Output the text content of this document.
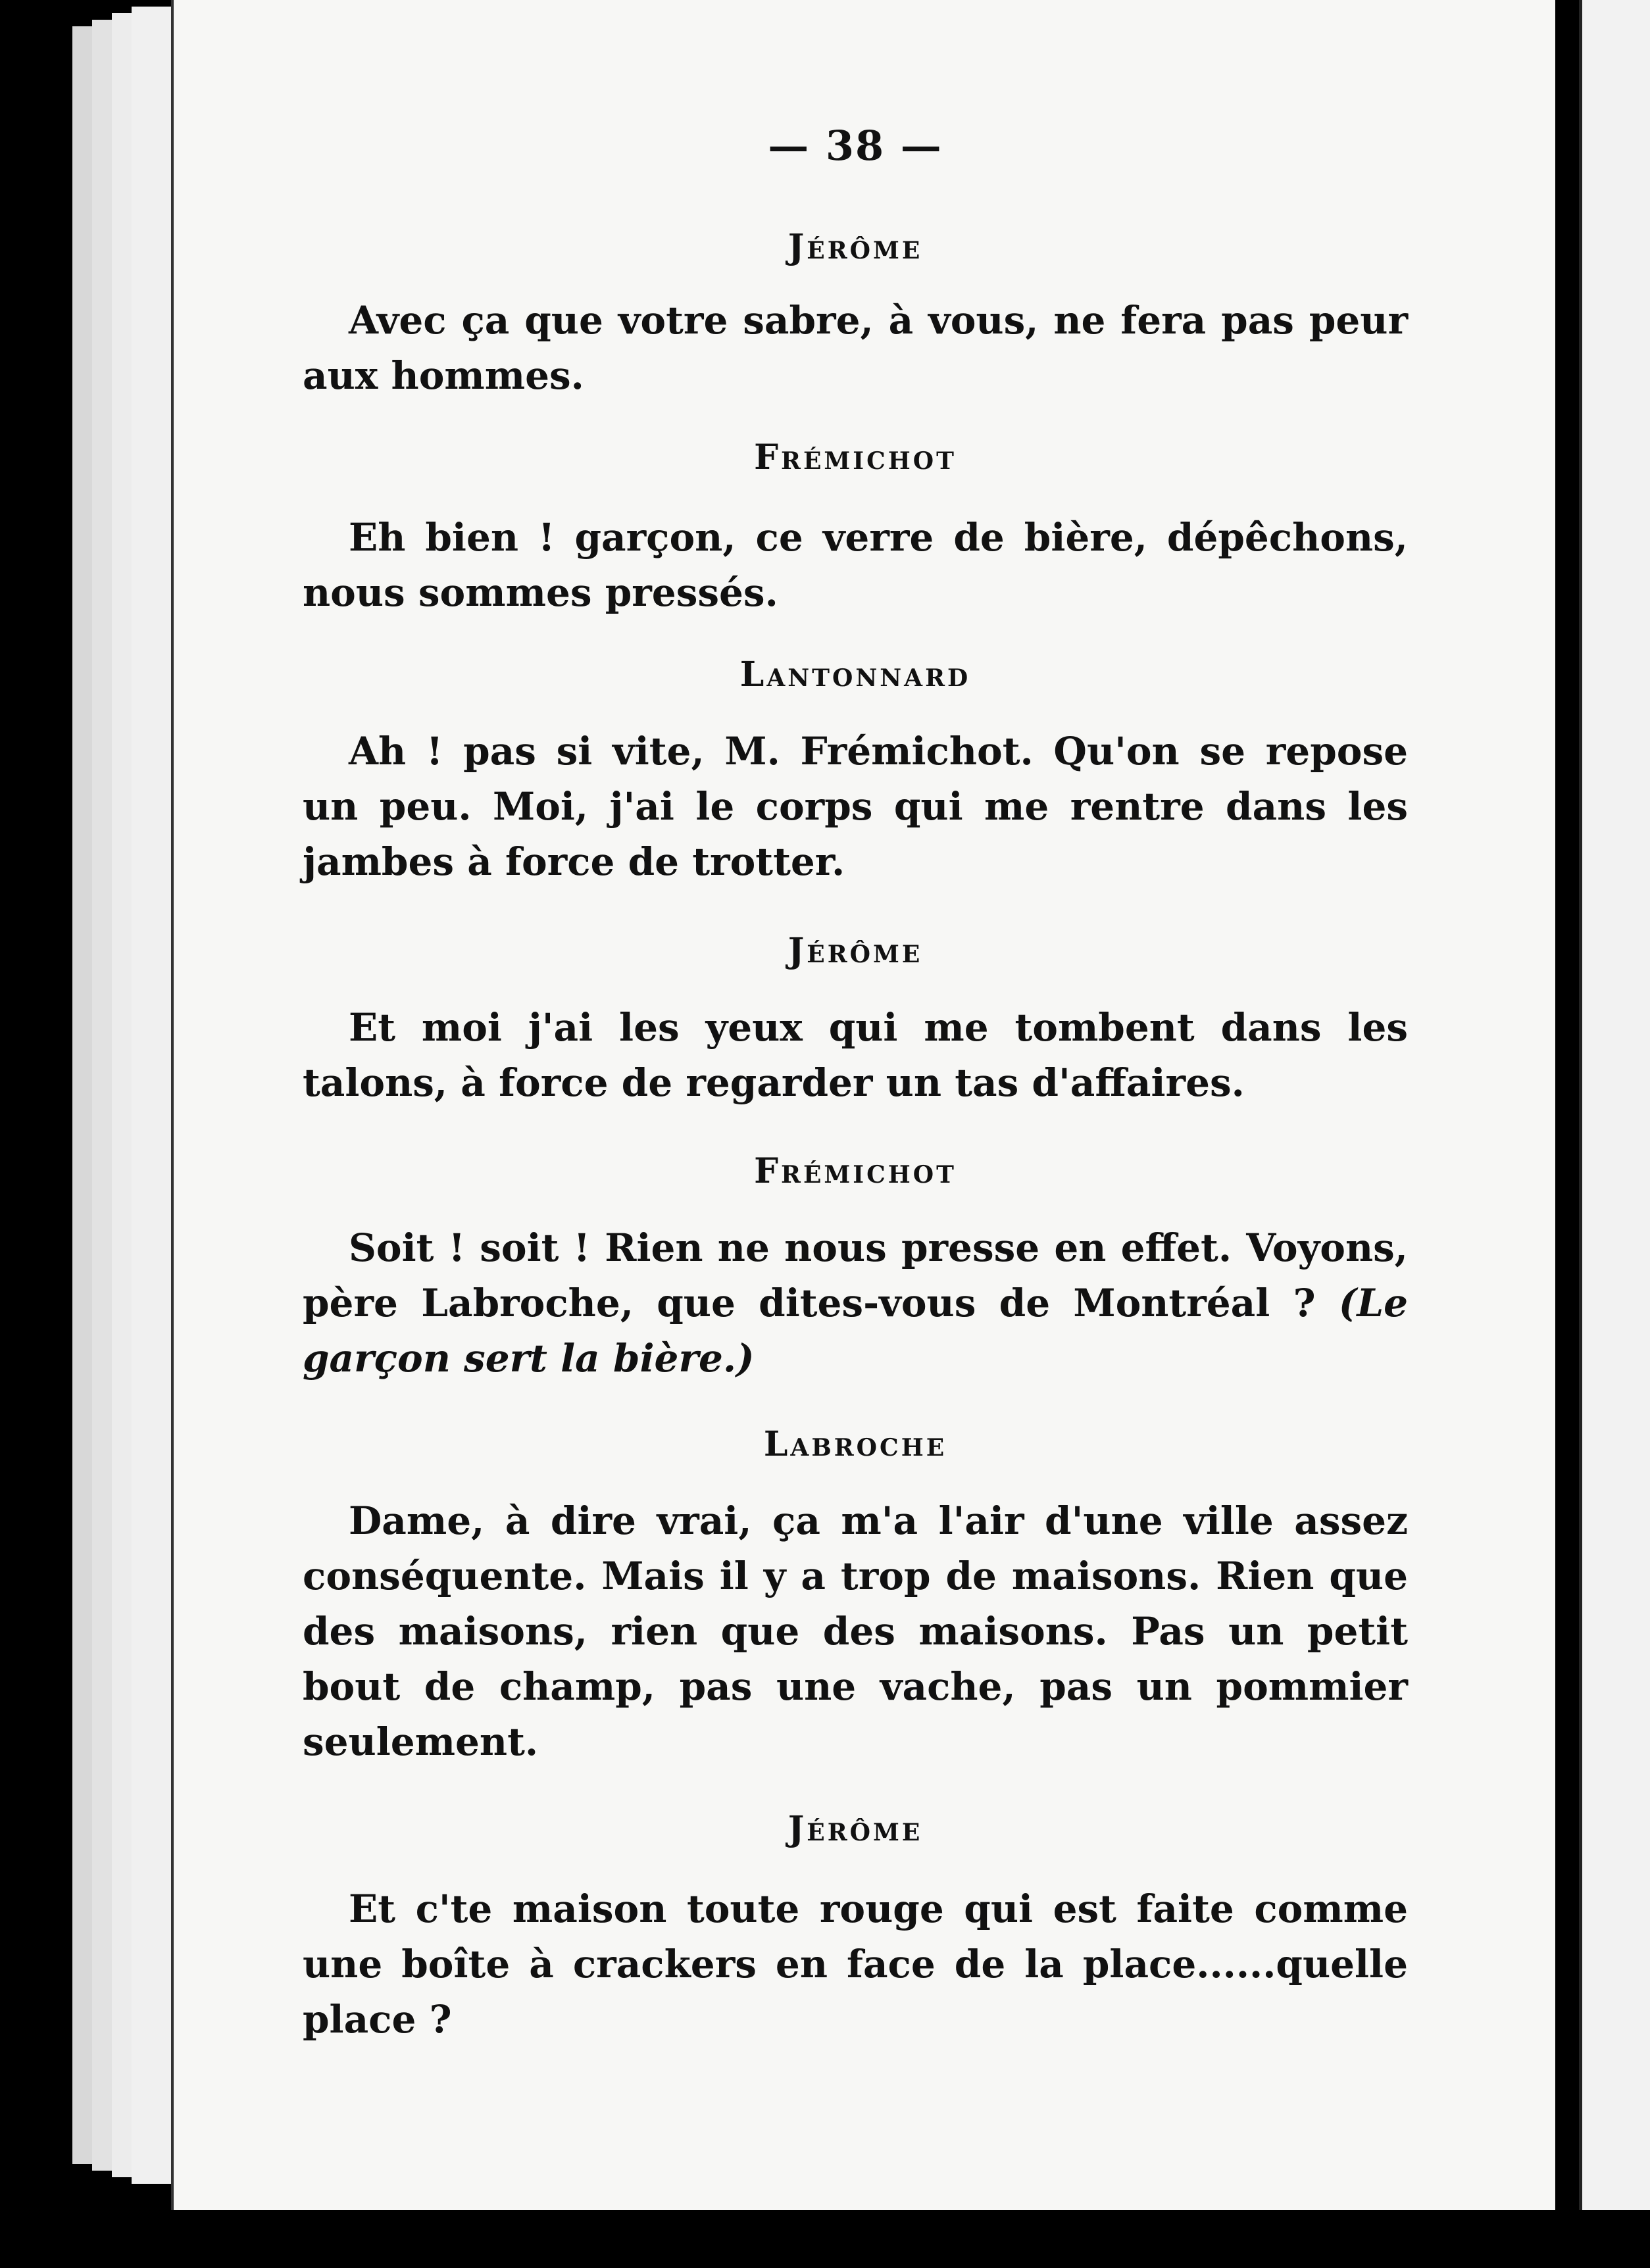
— 38 —
Jérôme
Avec ça que votre sabre, à vous, ne fera pas peur aux hommes.
Frémichot
Eh bien ! garçon, ce verre de bière, dépêchons, nous sommes pressés.
Lantonnard
Ah ! pas si vite, M. Frémichot. Qu'on se repose un peu. Moi, j'ai le corps qui me rentre dans les jambes à force de trotter.
Jérôme
Et moi j'ai les yeux qui me tombent dans les talons, à force de regarder un tas d'affaires.
Frémichot
Soit ! soit ! Rien ne nous presse en effet. Voyons, père Labroche, que dites-vous de Montréal ? (Le garçon sert la bière.)
Labroche
Dame, à dire vrai, ça m'a l'air d'une ville assez conséquente. Mais il y a trop de maisons. Rien que des maisons, rien que des maisons. Pas un petit bout de champ, pas une vache, pas un pommier seulement.
Jérôme
Et c'te maison toute rouge qui est faite comme une boîte à crackers en face de la place......quelle place ?
